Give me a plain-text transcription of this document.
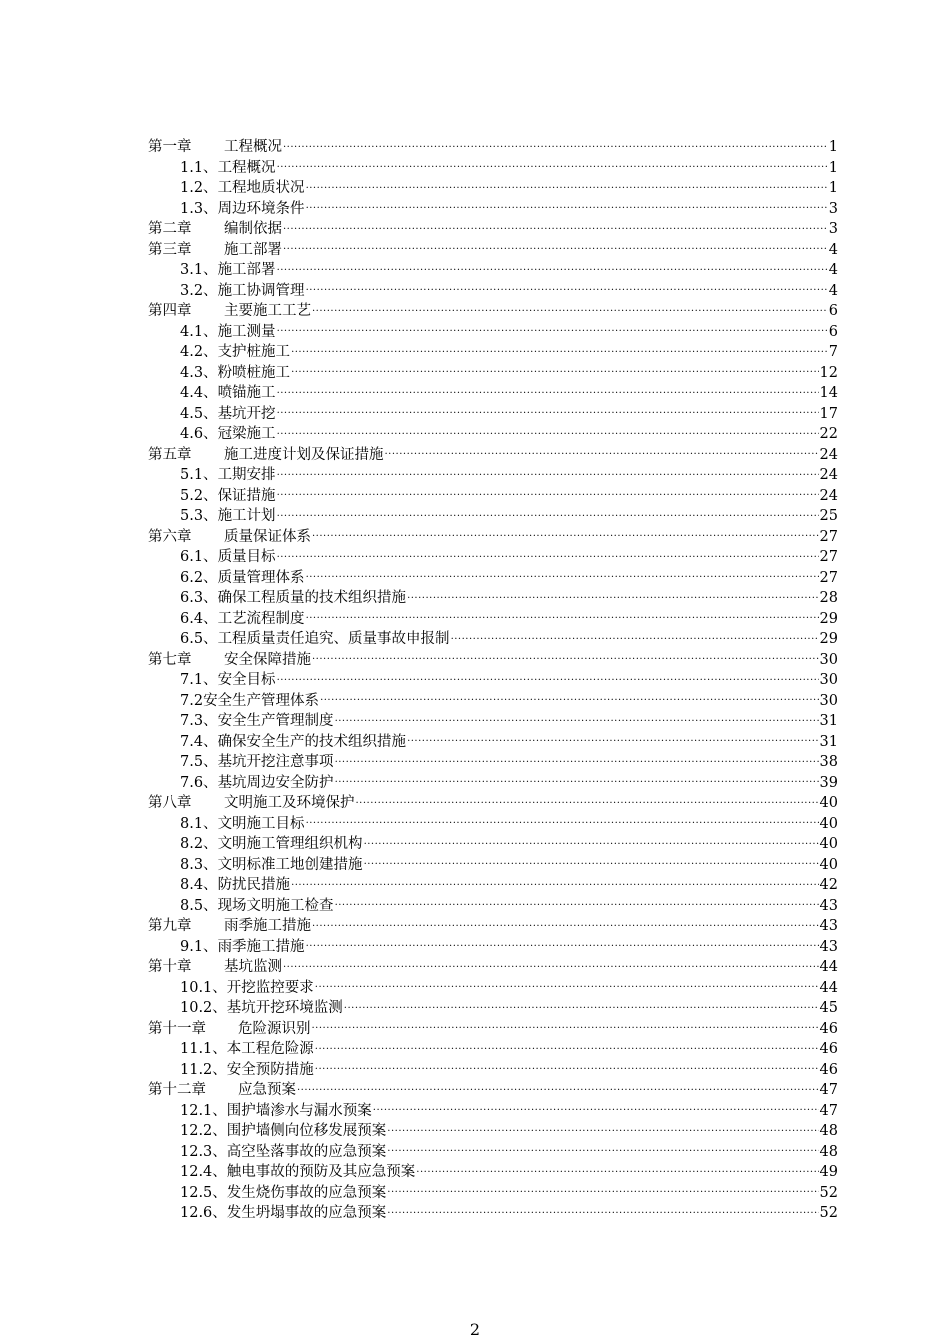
第一章 工程概况 .....	1
1.1、工程概况 .....	1
1.2、工程地质状况 .....	1
1.3、周边环境条件 .....	3
第二章 编制依据 .....	3
第三章 施工部署 .....	4
3.1、施工部署 .....	4
3.2、施工协调管理 .....	4
第四章 主要施工工艺 .....	6
4.1、施工测量 .....	6
4.2、支护桩施工 .....	7
4.3、粉喷桩施工 .....	12
4.4、喷锚施工 .....	14
4.5、基坑开挖 .....	17
4.6、冠梁施工 .....	22
第五章 施工进度计划及保证措施 .....	24
5.1、工期安排 .....	24
5.2、保证措施 .....	24
5.3、施工计划 .....	25
第六章 质量保证体系 .....	27
6.1、质量目标 .....	27
6.2、质量管理体系 .....	27
6.3、确保工程质量的技术组织措施 .....	28
6.4、工艺流程制度 .....	29
6.5、工程质量责任追究、质量事故申报制 .....	29
第七章 安全保障措施 .....	30
7.1、安全目标 .....	30
7.2安全生产管理体系 .....	30
7.3、安全生产管理制度 .....	31
7.4、确保安全生产的技术组织措施 .....	31
7.5、基坑开挖注意事项 .....	38
7.6、基坑周边安全防护 .....	39
第八章 文明施工及环境保护 .....	40
8.1、文明施工目标 .....	40
8.2、文明施工管理组织机构 .....	40
8.3、文明标准工地创建措施 .....	40
8.4、防扰民措施 .....	42
8.5、现场文明施工检查 .....	43
第九章 雨季施工措施 .....	43
9.1、雨季施工措施 .....	43
第十章 基坑监测 .....	44
10.1、开挖监控要求 .....	44
10.2、基坑开挖环境监测 .....	45
第十一章 危险源识别 .....	46
11.1、本工程危险源 .....	46
11.2、安全预防措施 .....	46
第十二章 应急预案 .....	47
12.1、围护墙渗水与漏水预案 .....	47
12.2、围护墙侧向位移发展预案 .....	48
12.3、高空坠落事故的应急预案 .....	48
12.4、触电事故的预防及其应急预案 .....	49
12.5、发生烧伤事故的应急预案 .....	52
12.6、发生坍塌事故的应急预案 .....	52
2
